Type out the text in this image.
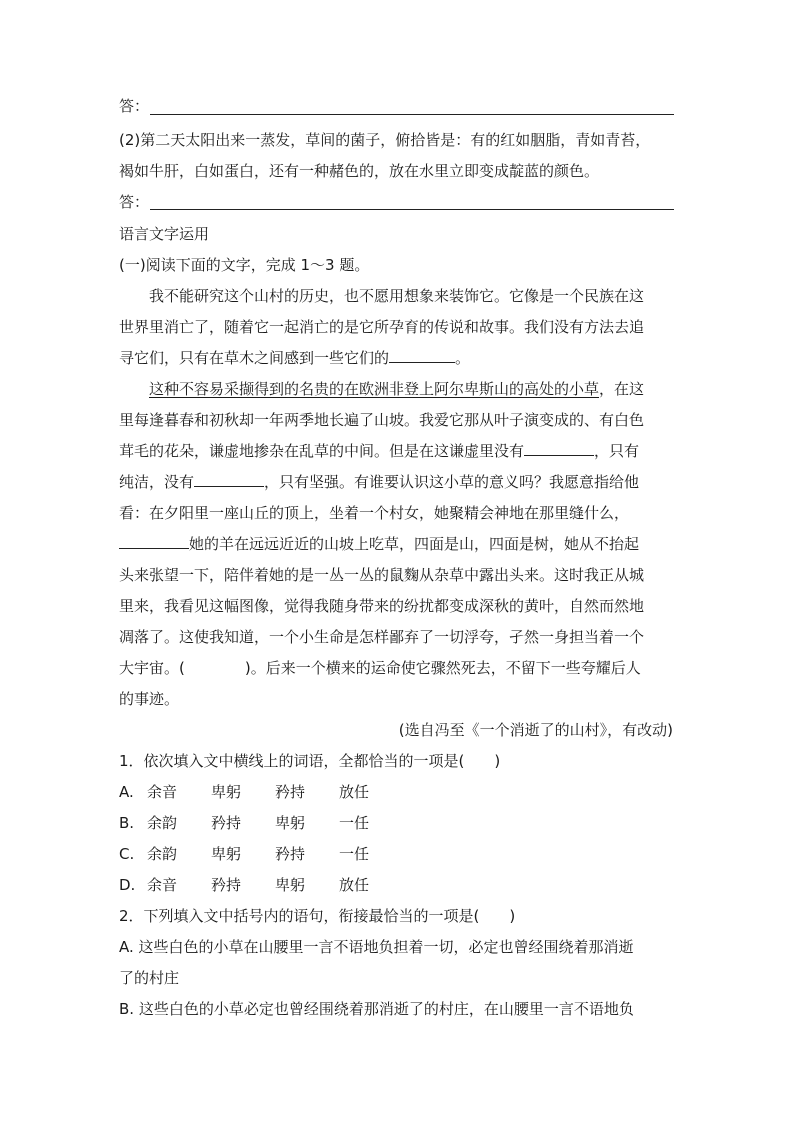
答：
(2)第二天太阳出来一蒸发，草间的菌子，俯拾皆是：有的红如胭脂，青如青苔，
褐如牛肝，白如蛋白，还有一种赭色的，放在水里立即变成靛蓝的颜色。
答：
语言文字运用
(一)阅读下面的文字，完成 1～3 题。
我不能研究这个山村的历史，也不愿用想象来装饰它。它像是一个民族在这
世界里消亡了，随着它一起消亡的是它所孕育的传说和故事。我们没有方法去追
寻它们，只有在草木之间感到一些它们的	。
这种不容易采撷得到的名贵的在欧洲非登上阿尔卑斯山的高处的小草，在这
里每逢暮春和初秋却一年两季地长遍了山坡。我爱它那从叶子演变成的、有白色
茸毛的花朵，谦虚地掺杂在乱草的中间。但是在这谦虚里没有	，只有
纯洁，没有	，只有坚强。有谁要认识这小草的意义吗？我愿意指给他
看：在夕阳里一座山丘的顶上，坐着一个村女，她聚精会神地在那里缝什么，
她的羊在远远近近的山坡上吃草，四面是山，四面是树，她从不抬起
头来张望一下，陪伴着她的是一丛一丛的鼠麴从杂草中露出头来。这时我正从城
里来，我看见这幅图像，觉得我随身带来的纷扰都变成深秋的黄叶，自然而然地
凋落了。这使我知道，一个小生命是怎样鄙弃了一切浮夸，孑然一身担当着一个
大宇宙。(	)。后来一个横来的运命使它骤然死去，不留下一些夸耀后人
的事迹。
(选自冯至《一个消逝了的山村》，有改动)
1．依次填入文中横线上的词语，全都恰当的一项是(　　)
A. 余音 卑躬 矜持 放任
B. 余韵 矜持 卑躬 一任
C. 余韵 卑躬 矜持 一任
D. 余音 矜持 卑躬 放任
2．下列填入文中括号内的语句，衔接最恰当的一项是(　　)
A. 这些白色的小草在山腰里一言不语地负担着一切，必定也曾经围绕着那消逝
了的村庄
B. 这些白色的小草必定也曾经围绕着那消逝了的村庄，在山腰里一言不语地负
